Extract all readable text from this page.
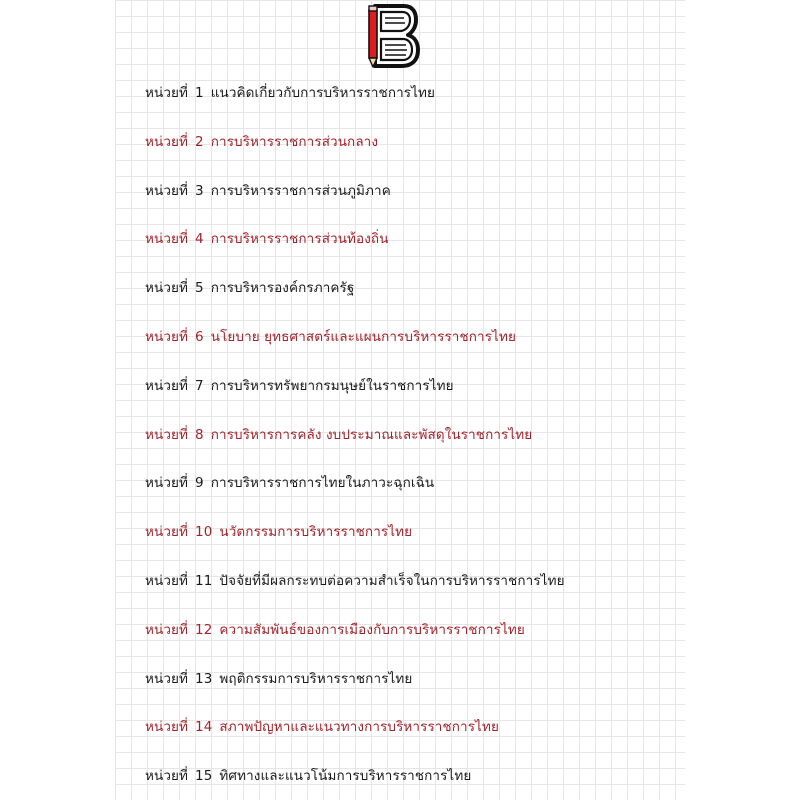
หน่วยที่ 1 แนวคิดเกี่ยวกับการบริหารราชการไทย
หน่วยที่ 2 การบริหารราชการส่วนกลาง
หน่วยที่ 3 การบริหารราชการส่วนภูมิภาค
หน่วยที่ 4 การบริหารราชการส่วนท้องถิ่น
หน่วยที่ 5 การบริหารองค์กรภาครัฐ
หน่วยที่ 6 นโยบาย ยุทธศาสตร์และแผนการบริหารราชการไทย
หน่วยที่ 7 การบริหารทรัพยากรมนุษย์ในราชการไทย
หน่วยที่ 8 การบริหารการคลัง งบประมาณและพัสดุในราชการไทย
หน่วยที่ 9 การบริหารราชการไทยในภาวะฉุกเฉิน
หน่วยที่ 10 นวัตกรรมการบริหารราชการไทย
หน่วยที่ 11 ปัจจัยที่มีผลกระทบต่อความสำเร็จในการบริหารราชการไทย
หน่วยที่ 12 ความสัมพันธ์ของการเมืองกับการบริหารราชการไทย
หน่วยที่ 13 พฤติกรรมการบริหารราชการไทย
หน่วยที่ 14 สภาพปัญหาและแนวทางการบริหารราชการไทย
หน่วยที่ 15 ทิศทางและแนวโน้มการบริหารราชการไทย
